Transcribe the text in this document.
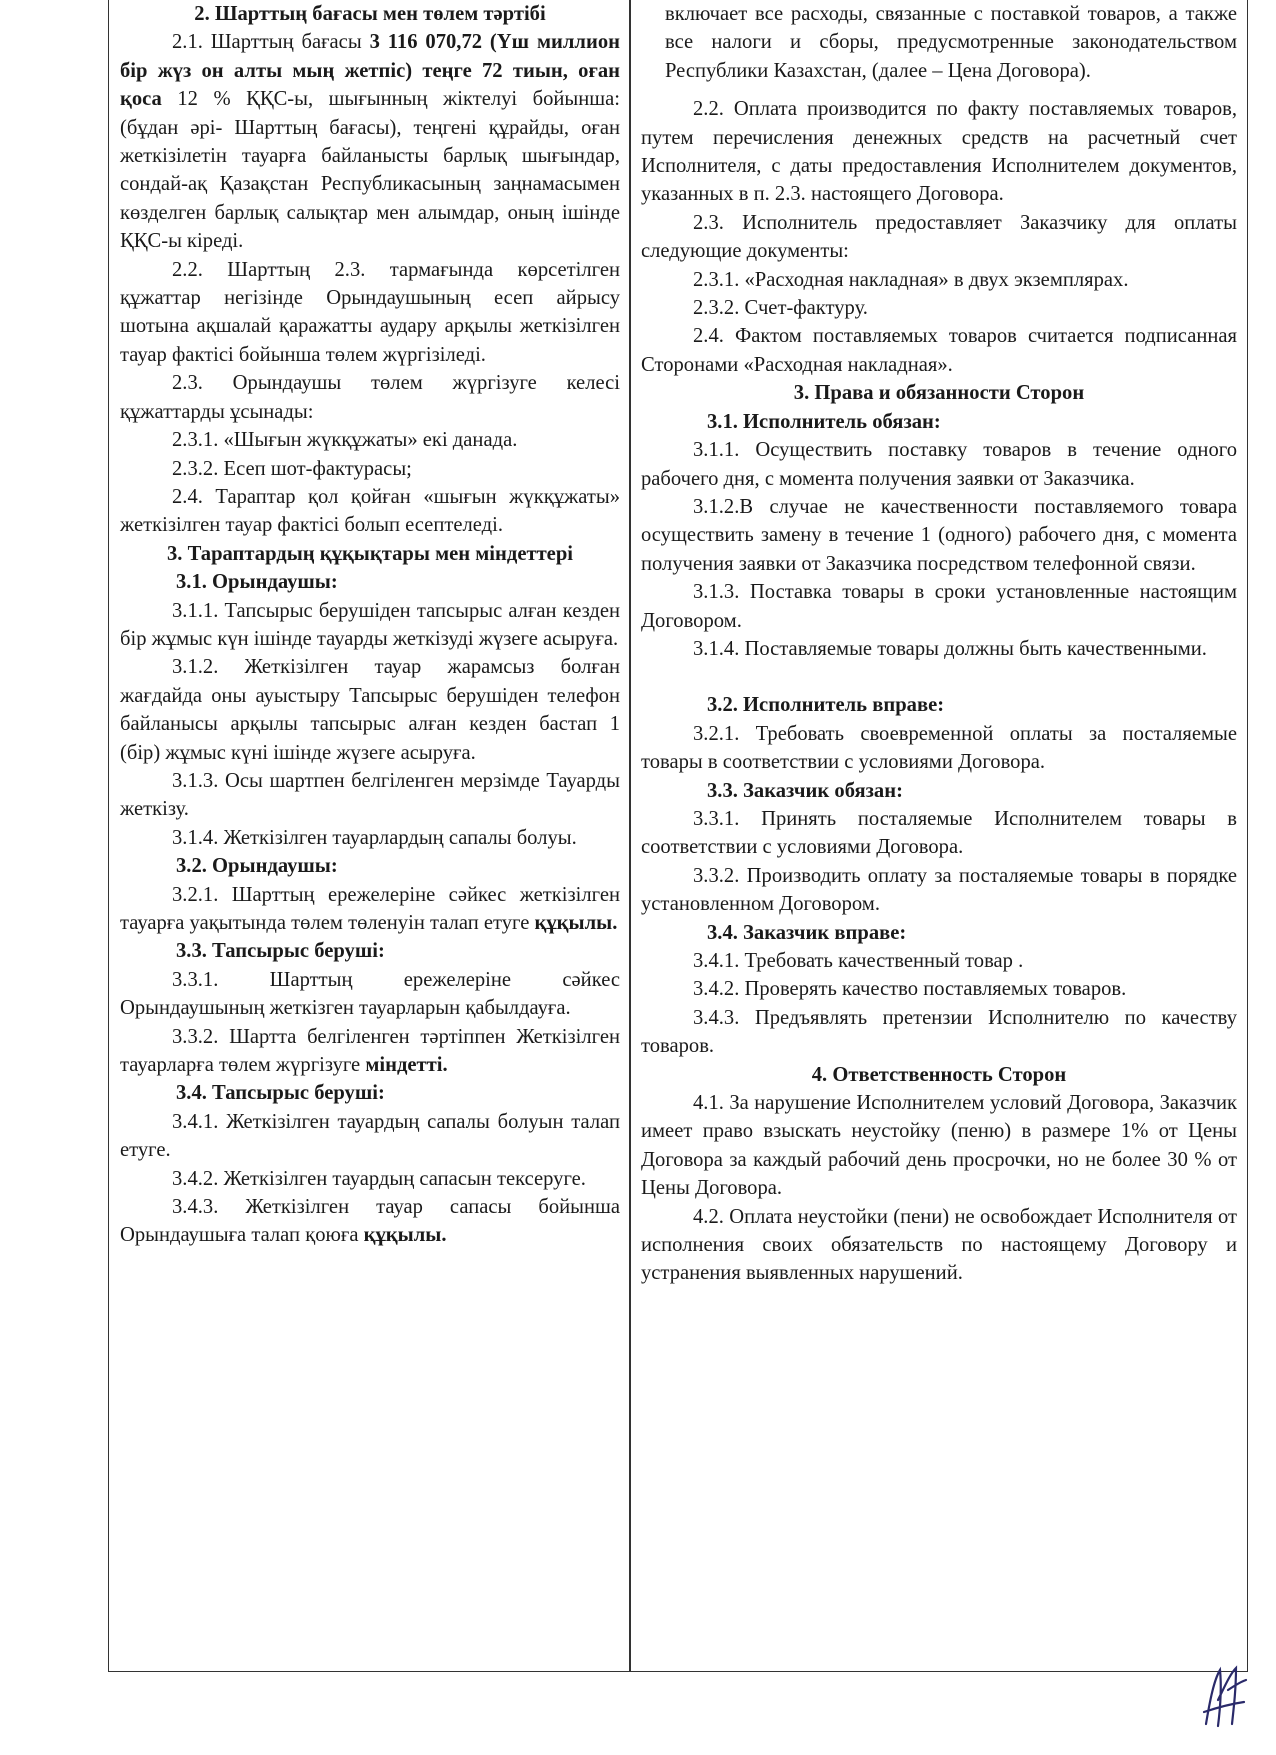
2. Шарттың бағасы мен төлем тәртібі

2.1. Шарттың бағасы 3 116 070,72 (Үш миллион бір жүз он алты мың жетпіс) теңге 72 тиын, оған қоса 12 % ҚҚС-ы, шығынның жіктелуі бойынша: (бұдан әрі- Шарттың бағасы), теңгені құрайды, оған жеткізілетін тауарға байланысты барлық шығындар, сондай-ақ Қазақстан Республикасының заңнамасымен көзделген барлық салықтар мен алымдар, оның ішінде ҚҚС-ы кіреді.

2.2. Шарттың 2.3. тармағында көрсетілген құжаттар негізінде Орындаушының есеп айрысу шотына ақшалай қаражатты аудару арқылы жеткізілген тауар фактісі бойынша төлем жүргізіледі.

2.3. Орындаушы төлем жүргізуге келесі құжаттарды ұсынады:

2.3.1. «Шығын жүкқұжаты» екі данада.

2.3.2. Есеп шот-фактурасы;

2.4. Тараптар қол қойған «шығын жүкқұжаты» жеткізілген тауар фактісі болып есептеледі.

3. Тараптардың құқықтары мен міндеттері

3.1. Орындаушы:

3.1.1. Тапсырыс берушіден тапсырыс алған кезден бір жұмыс күн ішінде тауарды жеткізуді жүзеге асыруға.

3.1.2. Жеткізілген тауар жарамсыз болған жағдайда оны ауыстыру Тапсырыс берушіден телефон байланысы арқылы тапсырыс алған кезден бастап 1 (бір) жұмыс күні ішінде жүзеге асыруға.

3.1.3. Осы шартпен белгіленген мерзімде Тауарды жеткізу.

3.1.4. Жеткізілген тауарлардың сапалы болуы.

3.2. Орындаушы:

3.2.1. Шарттың ережелеріне сәйкес жеткізілген тауарға уақытында төлем төленуін талап етуге құқылы.

3.3. Тапсырыс беруші:

3.3.1. Шарттың ережелеріне сәйкес Орындаушының жеткізген тауарларын қабылдауға.

3.3.2. Шартта белгіленген тәртіппен Жеткізілген тауарларға төлем жүргізуге міндетті.

3.4. Тапсырыс беруші:

3.4.1. Жеткізілген тауардың сапалы болуын талап етуге.

3.4.2. Жеткізілген тауардың сапасын тексеруге.

3.4.3. Жеткізілген тауар сапасы бойынша Орындаушыға талап қоюға құқылы.

включает все расходы, связанные с поставкой товаров, а также все налоги и сборы, предусмотренные законодательством Республики Казахстан, (далее – Цена Договора).

2.2. Оплата производится по факту поставляемых товаров, путем перечисления денежных средств на расчетный счет Исполнителя, с даты предоставления Исполнителем документов, указанных в п. 2.3. настоящего Договора.

2.3. Исполнитель предоставляет Заказчику для оплаты следующие документы:

2.3.1. «Расходная накладная» в двух экземплярах.

2.3.2. Счет-фактуру.

2.4. Фактом поставляемых товаров считается подписанная Сторонами «Расходная накладная».

3. Права и обязанности Сторон

3.1. Исполнитель обязан:

3.1.1. Осуществить поставку товаров в течение одного рабочего дня, с момента получения заявки от Заказчика.

3.1.2.В случае не качественности поставляемого товара осуществить замену в течение 1 (одного) рабочего дня, с момента получения заявки от Заказчика посредством телефонной связи.

3.1.3. Поставка товары в сроки установленные настоящим Договором.

3.1.4. Поставляемые товары должны быть качественными.

3.2. Исполнитель вправе:

3.2.1. Требовать своевременной оплаты за посталяемые товары в соответствии с условиями Договора.

3.3. Заказчик обязан:

3.3.1. Принять посталяемые Исполнителем товары в соответствии с условиями Договора.

3.3.2. Производить оплату за посталяемые товары в порядке установленном Договором.

3.4. Заказчик вправе:

3.4.1. Требовать качественный товар .

3.4.2. Проверять качество поставляемых товаров.

3.4.3. Предъявлять претензии Исполнителю по качеству товаров.

4. Ответственность Сторон

4.1. За нарушение Исполнителем условий Договора, Заказчик имеет право взыскать неустойку (пеню) в размере 1% от Цены Договора за каждый рабочий день просрочки, но не более 30 % от Цены Договора.

4.2. Оплата неустойки (пени) не освобождает Исполнителя от исполнения своих обязательств по настоящему Договору и устранения выявленных нарушений.
